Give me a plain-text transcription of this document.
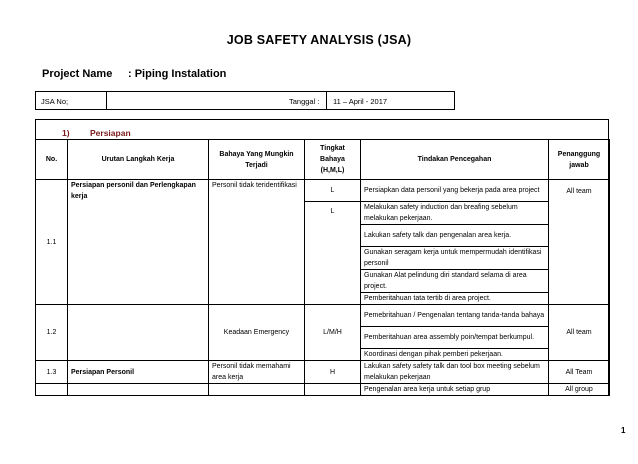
JOB SAFETY ANALYSIS (JSA)
Project Name : Piping Instalation
JSA No;	Tanggal : 11 – April - 2017
1) Persiapan
No.	Urutan Langkah Kerja	Bahaya Yang Mungkin Terjadi	Tingkat Bahaya (H,M,L)	Tindakan Pencegahan	Penanggung jawab
1.1	Persiapan personil dan Perlengkapan kerja	Personil tidak teridentifikasi	L	Persiapkan data personil yang bekerja pada area project	All team
			L	Melakukan safety induction dan breafing sebelum melakukan pekerjaan.	
				Lakukan safety talk dan pengenalan area kerja.	
				Gunakan seragam kerja untuk mempermudah identifikasi personil	
				Gunakan Alat pelindung diri standard selama di area project.	
				Pemberitahuan tata tertib di area project.	
1.2		Keadaan Emergency	L/M/H	Pemebritahuan / Pengenalan tentang tanda-tanda bahaya	All team
				Pemberitahuan area assembly poin/tempat berkumpul.	
				Koordinasi dengan pihak pemberi pekerjaan.	
1.3	Persiapan Personil	Personil tidak memahami area kerja	H	Lakukan safety safety talk dan tool box meeting sebelum melakukan pekerjaan	All Team
				Pengenalan area kerja untuk setiap grup	All group
1
